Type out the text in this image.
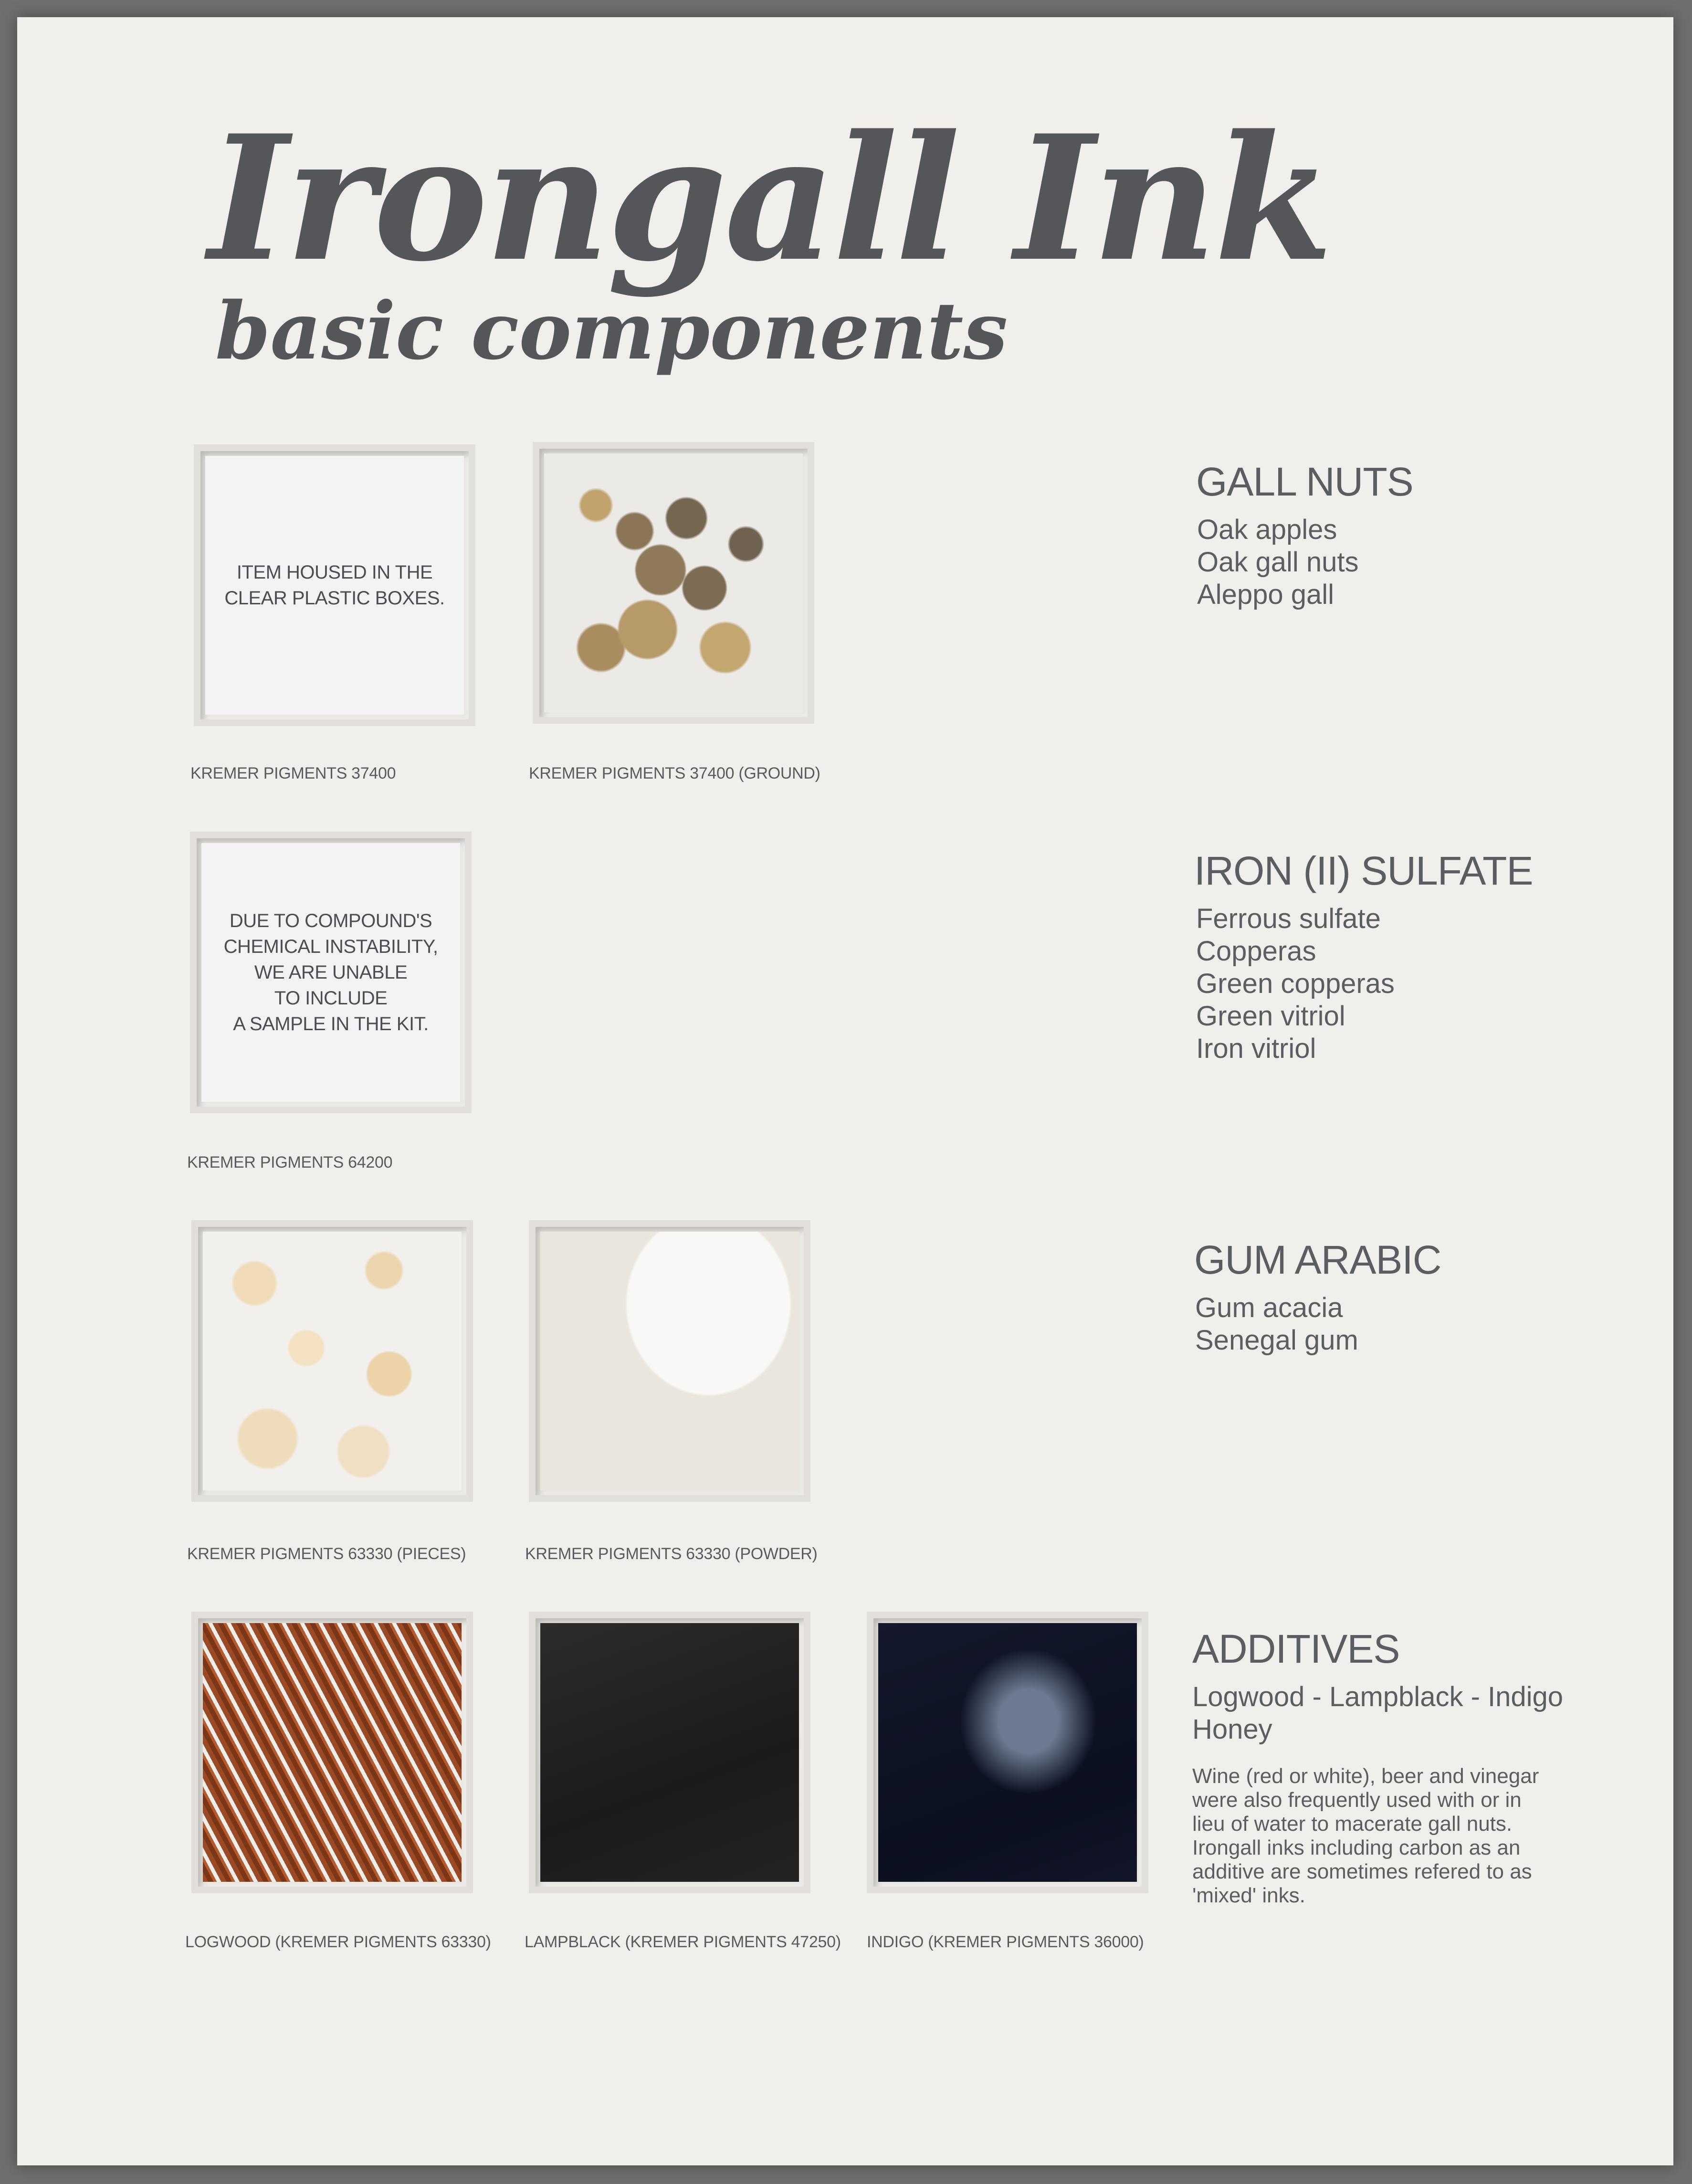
Irongall Ink
basic components
ITEM HOUSED IN THE
CLEAR PLASTIC BOXES.

KREMER PIGMENTS 37400	KREMER PIGMENTS 37400 (GROUND)

DUE TO COMPOUND'S
CHEMICAL INSTABILITY,
WE ARE UNABLE
TO INCLUDE
A SAMPLE IN THE KIT.

KREMER PIGMENTS 64200

KREMER PIGMENTS 63330 (PIECES)	KREMER PIGMENTS 63330 (POWDER)

LOGWOOD (KREMER PIGMENTS 63330) LAMPBLACK (KREMER PIGMENTS 47250) INDIGO (KREMER PIGMENTS 36000)

GALL NUTS
Oak apples
Oak gall nuts
Aleppo gall
IRON (II) SULFATE
Ferrous sulfate
Copperas
Green copperas
Green vitriol
Iron vitriol
GUM ARABIC
Gum acacia
Senegal gum
ADDITIVES
Logwood - Lampblack - Indigo
Honey

Wine (red or white), beer and vinegar
were also frequently used with or in
lieu of water to macerate gall nuts.
Irongall inks including carbon as an
additive are sometimes refered to as
'mixed' inks.
